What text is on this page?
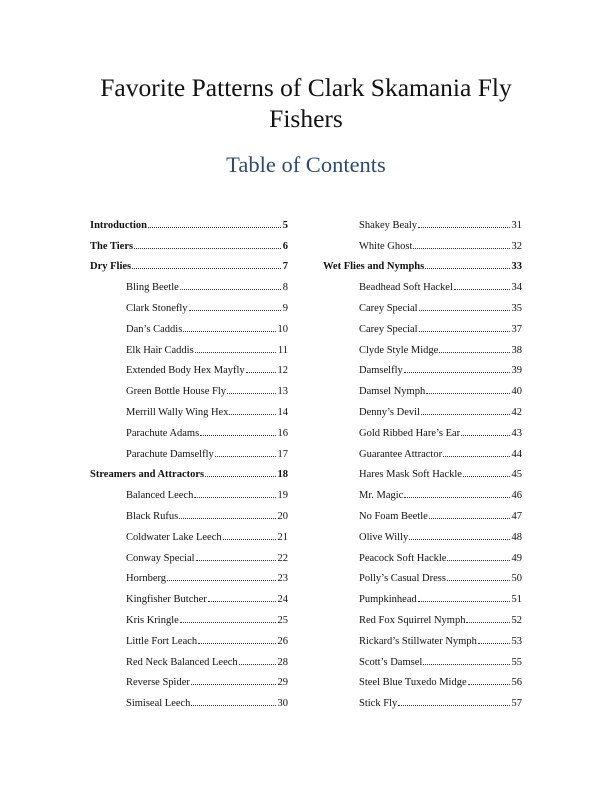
Favorite Patterns of Clark Skamania Fly Fishers
Table of Contents
Introduction	5
The Tiers	6
Dry Flies	7
Bling Beetle	8
Clark Stonefly	9
Dan’s Caddis	10
Elk Hair Caddis	11
Extended Body Hex Mayfly	12
Green Bottle House Fly	13
Merrill Wally Wing Hex	14
Parachute Adams	16
Parachute Damselfly	17
Streamers and Attractors	18
Balanced Leech	19
Black Rufus	20
Coldwater Lake Leech	21
Conway Special	22
Hornberg	23
Kingfisher Butcher	24
Kris Kringle	25
Little Fort Leach	26
Red Neck Balanced Leech	28
Reverse Spider	29
Simiseal Leech	30
Shakey Bealy	31
White Ghost	32
Wet Flies and Nymphs	33
Beadhead Soft Hackel	34
Carey Special	35
Carey Special	37
Clyde Style Midge	38
Damselfly	39
Damsel Nymph	40
Denny’s Devil	42
Gold Ribbed Hare’s Ear	43
Guarantee Attractor	44
Hares Mask Soft Hackle	45
Mr. Magic	46
No Foam Beetle	47
Olive Willy	48
Peacock Soft Hackle	49
Polly’s Casual Dress	50
Pumpkinhead	51
Red Fox Squirrel Nymph	52
Rickard’s Stillwater Nymph	53
Scott’s Damsel	55
Steel Blue Tuxedo Midge	56
Stick Fly	57
